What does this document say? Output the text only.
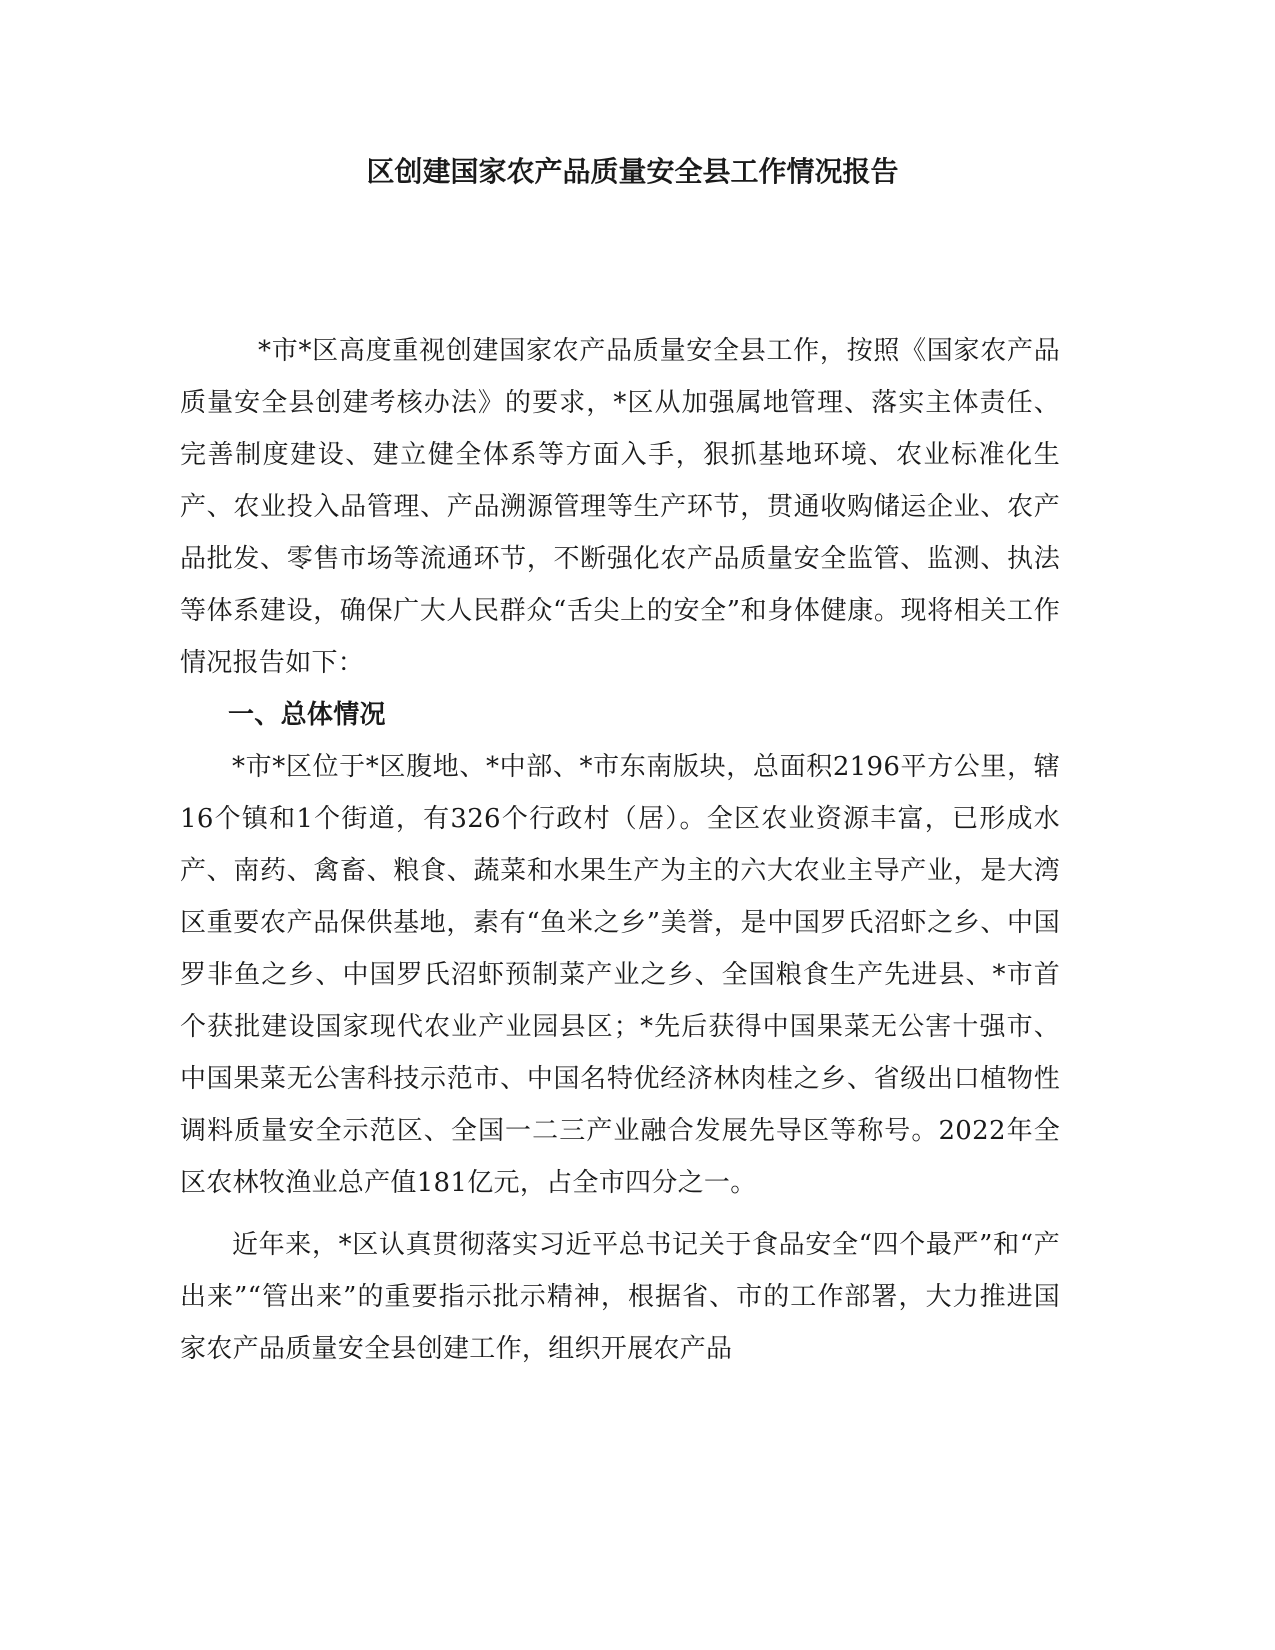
区创建国家农产品质量安全县工作情况报告

*市*区高度重视创建国家农产品质量安全县工作，按照《国家农产品质量安全县创建考核办法》的要求，*区从加强属地管理、落实主体责任、完善制度建设、建立健全体系等方面入手，狠抓基地环境、农业标准化生产、农业投入品管理、产品溯源管理等生产环节，贯通收购储运企业、农产品批发、零售市场等流通环节，不断强化农产品质量安全监管、监测、执法等体系建设，确保广大人民群众“舌尖上的安全”和身体健康。现将相关工作情况报告如下：

一、总体情况

*市*区位于*区腹地、*中部、*市东南版块，总面积2196平方公里，辖16个镇和1个街道，有326个行政村（居）。全区农业资源丰富，已形成水产、南药、禽畜、粮食、蔬菜和水果生产为主的六大农业主导产业，是大湾区重要农产品保供基地，素有“鱼米之乡”美誉，是中国罗氏沼虾之乡、中国罗非鱼之乡、中国罗氏沼虾预制菜产业之乡、全国粮食生产先进县、*市首个获批建设国家现代农业产业园县区；*先后获得中国果菜无公害十强市、中国果菜无公害科技示范市、中国名特优经济林肉桂之乡、省级出口植物性调料质量安全示范区、全国一二三产业融合发展先导区等称号。2022年全区农林牧渔业总产值181亿元，占全市四分之一。

近年来，*区认真贯彻落实习近平总书记关于食品安全“四个最严”和“产出来”“管出来”的重要指示批示精神，根据省、市的工作部署，大力推进国家农产品质量安全县创建工作，组织开展农产品
